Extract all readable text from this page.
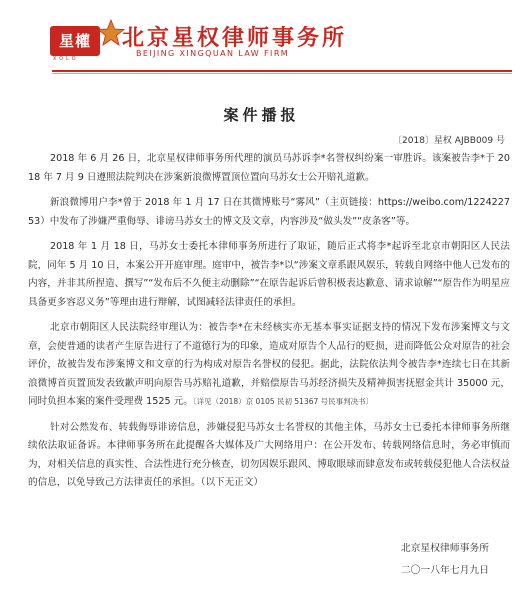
星權
XOLO
北京星权律师事务所
BEIJING XINGQUAN LAW FIRM
案件播报
〔2018〕星权 AJBB009 号

2018 年 6 月 26 日，北京星权律师事务所代理的演员马苏诉李*名誉权纠纷案一审胜诉。该案被告李*于 2018 年 7 月 9 日遵照法院判决在涉案新浪微博置顶位置向马苏女士公开赔礼道歉。

新浪微博用户李*曾于 2018 年 1 月 17 日在其微博账号“雾风”（主页链接：https://weibo.com/122422753）中发布了涉嫌严重侮辱、诽谤马苏女士的博文及文章，内容涉及“做头发”“皮条客”等。

2018 年 1 月 18 日，马苏女士委托本律师事务所进行了取证，随后正式将李*起诉至北京市朝阳区人民法院，同年 5 月 10 日，本案公开开庭审理。庭审中，被告李*以“涉案文章系跟风娱乐，转载自网络中他人已发布的内容，并非其所捏造、撰写”“发布后不久便主动删除”“在原告起诉后曾积极表达歉意、请求谅解”“原告作为明星应具备更多容忍义务”等理由进行辩解，试图减轻法律责任的承担。

北京市朝阳区人民法院经审理认为：被告李*在未经核实亦无基本事实证据支持的情况下发布涉案博文与文章，会使普通的读者产生原告进行了不道德行为的印象，造成对原告个人品行的贬损，进而降低公众对原告的社会评价，故被告发布涉案博文和文章的行为构成对原告名誉权的侵犯。据此，法院依法判令被告李*连续七日在其新浪微博首页置顶发表致歉声明向原告马苏赔礼道歉，并赔偿原告马苏经济损失及精神损害抚慰金共计 35000 元，同时负担本案的案件受理费 1525 元。〔详见（2018）京 0105 民初 51367 号民事判决书〕

针对公然发布、转载侮辱诽谤信息，涉嫌侵犯马苏女士名誉权的其他主体，马苏女士已委托本律师事务所继续依法取证备诉。本律师事务所在此提醒各大媒体及广大网络用户：在公开发布、转载网络信息时，务必审慎而为，对相关信息的真实性、合法性进行充分核查，切勿因娱乐跟风、博取眼球而肆意发布或转载侵犯他人合法权益的信息，以免导致己方法律责任的承担。（以下无正文）

北京星权律师事务所
二〇一八年七月九日
